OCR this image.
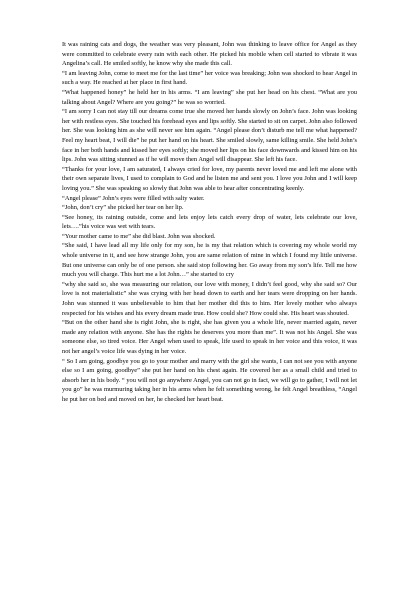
It was raining cats and dogs, the weather was very pleasant, John was thinking to leave office for Angel as they were committed to celebrate every rain with each other. He picked his mobile when cell started to vibrate it was Angelina’s call. He smiled softly, he know why she made this call.

“I am leaving John, come to meet me for the last time” her voice was breaking; John was shocked to hear Angel in such a way. He reached at her place in first hand.

“What happened honey” he held her in his arms. “I am leaving” she put her head on his chest. “What are you talking about Angel? Where are you going?” he was so worried.

“I am sorry I can not stay till our dreams come true she moved her hands slowly on John’s face. John was looking her with restless eyes. She touched his forehead eyes and lips softly. She started to sit on carpet. John also followed her. She was looking him as she will never see him again. “Angel please don’t disturb me tell me what happened? Feel my heart beat, I will die” he put her hand on his heart. She smiled slowly, same killing smile. She held John’s face in her both hands and kissed her eyes softly; she moved her lips on his face downwards and kissed him on his lips. John was sitting stunned as if he will move then Angel will disappear. She left his face.

“Thanks for your love, I am saturated, I always cried for love, my parents never loved me and left me alone with their own separate lives, I used to complain to God and he listen me and sent you. I love you John and I will keep loving you.” She was speaking so slowly that John was able to hear after concentrating keenly.

“Angel please” John’s eyes were filled with salty water.

“John, don’t cry” she picked her tear on her lip.

“See honey, its raining outside, come and lets enjoy lets catch every drop of water, lets celebrate our love, lets….”his voice was wet with tears.

“Your mother came to me” she did blast. John was shocked.

“She said, I have lead all my life only for my son, he is my that relation which is covering my whole world my whole universe in it, and see how strange John, you are same relation of mine in which I found my little universe. But one universe can only be of one person. she said stop following her. Go away from my son’s life. Tell me how much you will charge. This hurt me a lot John…” she started to cry

“why she said so, she was measuring our relation, our love with money, I didn’t feel good, why she said so? Our love is not materialistic” she was crying with her head down to earth and her tears were dropping on her hands. John was stunned it was unbelievable to him that her mother did this to him. Her lovely mother who always respected for his wishes and his every dream made true. How could she? How could she. His heart was shouted.

“But on the other hand she is right John, she is right, she has given you a whole life, never married again, never made any relation with anyone. She has the rights he deserves you more than me”. It was not his Angel. She was someone else, so tired voice. Her Angel when used to speak, life used to speak in her voice and this voice, it was not her angel’s voice life was dying in her voice.

“ So I am going, goodbye you go to your mother and marry with the girl she wants, I can not see you with anyone else so I am going, goodbye” she put her hand on his chest again. He covered her as a small child and tried to absorb her in his body. “ you will not go anywhere Angel, you can not go in fact, we will go to gather, I will not let you go” he was murmuring taking her in his arms when he felt something wrong, he felt Angel breathless, “Angel he put her on bed and moved on her, he checked her heart beat.
